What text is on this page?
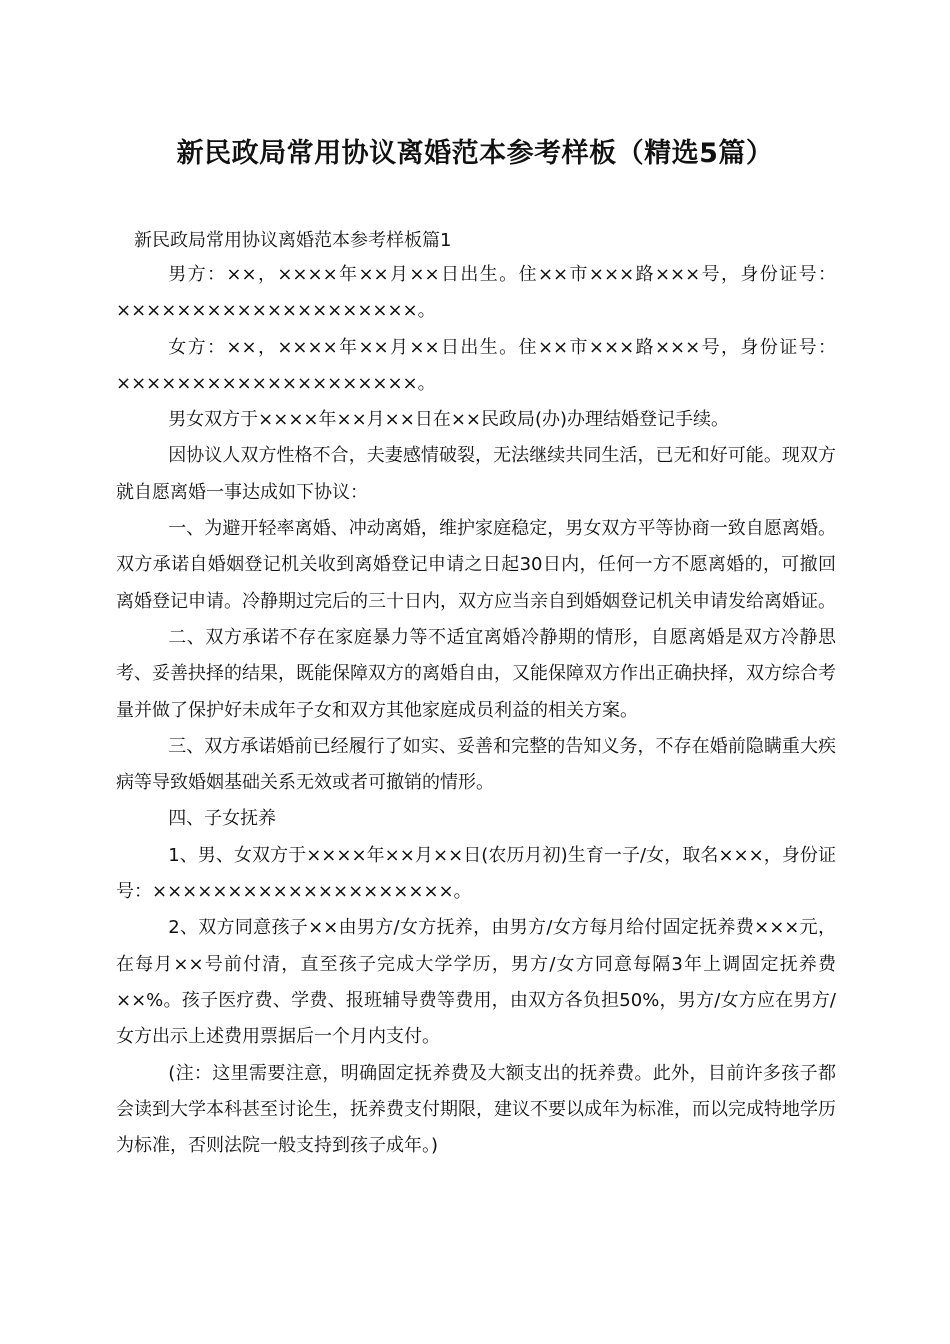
新民政局常用协议离婚范本参考样板（精选5篇）
新民政局常用协议离婚范本参考样板篇1

男方：××，××××年××月××日出生。住××市×××路×××号，身份证号：××××××××××××××××××××。

女方：××，××××年××月××日出生。住××市×××路×××号，身份证号：××××××××××××××××××××。

男女双方于××××年××月××日在××民政局(办)办理结婚登记手续。

因协议人双方性格不合，夫妻感情破裂，无法继续共同生活，已无和好可能。现双方就自愿离婚一事达成如下协议：

一、为避开轻率离婚、冲动离婚，维护家庭稳定，男女双方平等协商一致自愿离婚。双方承诺自婚姻登记机关收到离婚登记申请之日起30日内，任何一方不愿离婚的，可撤回离婚登记申请。冷静期过完后的三十日内，双方应当亲自到婚姻登记机关申请发给离婚证。

二、双方承诺不存在家庭暴力等不适宜离婚冷静期的情形，自愿离婚是双方冷静思考、妥善抉择的结果，既能保障双方的离婚自由，又能保障双方作出正确抉择，双方综合考量并做了保护好未成年子女和双方其他家庭成员利益的相关方案。

三、双方承诺婚前已经履行了如实、妥善和完整的告知义务，不存在婚前隐瞒重大疾病等导致婚姻基础关系无效或者可撤销的情形。

四、子女抚养

1、男、女双方于××××年××月××日(农历月初)生育一子/女，取名×××，身份证号：××××××××××××××××××××。

2、双方同意孩子××由男方/女方抚养，由男方/女方每月给付固定抚养费×××元，在每月××号前付清，直至孩子完成大学学历，男方/女方同意每隔3年上调固定抚养费××%。孩子医疗费、学费、报班辅导费等费用，由双方各负担50%，男方/女方应在男方/女方出示上述费用票据后一个月内支付。

(注：这里需要注意，明确固定抚养费及大额支出的抚养费。此外，目前许多孩子都会读到大学本科甚至讨论生，抚养费支付期限，建议不要以成年为标准，而以完成特地学历为标准，否则法院一般支持到孩子成年。)
